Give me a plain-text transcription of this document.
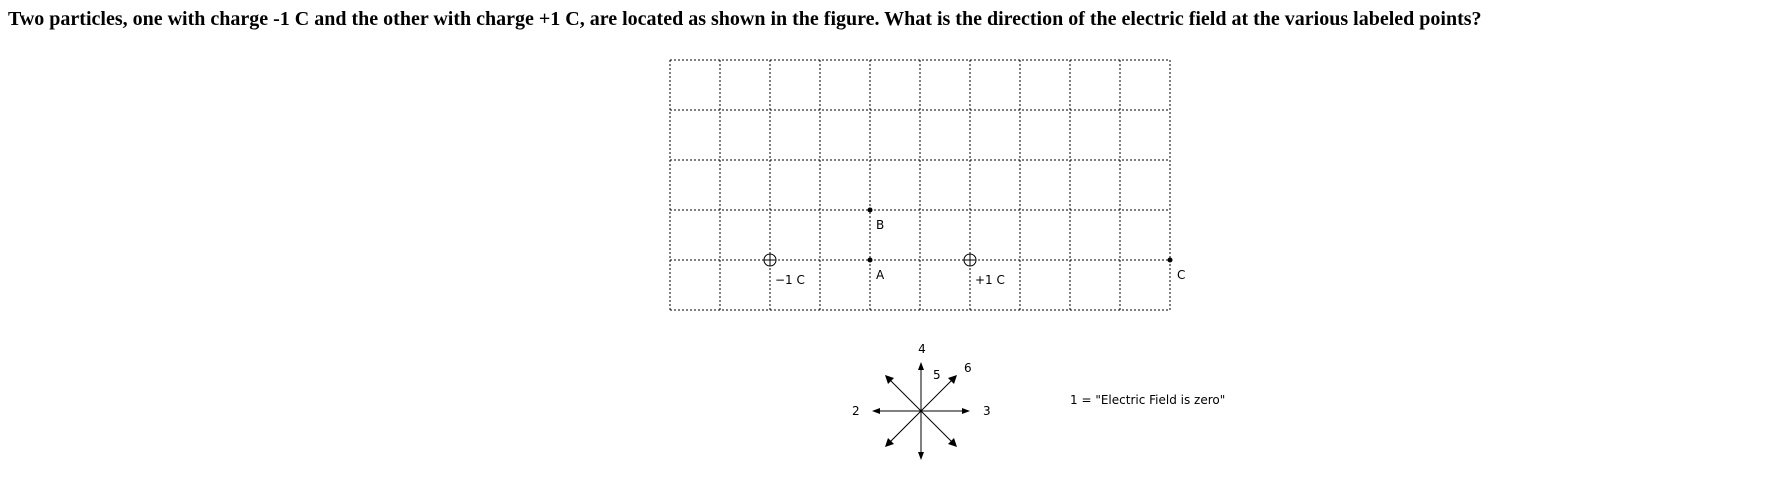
Two particles, one with charge -1 C and the other with charge +1 C, are located as shown in the figure. What is the direction of the electric field at the various labeled points?

−1 C	+1 C
A
B
C
2	3
4
5 6
1 = "Electric Field is zero"
